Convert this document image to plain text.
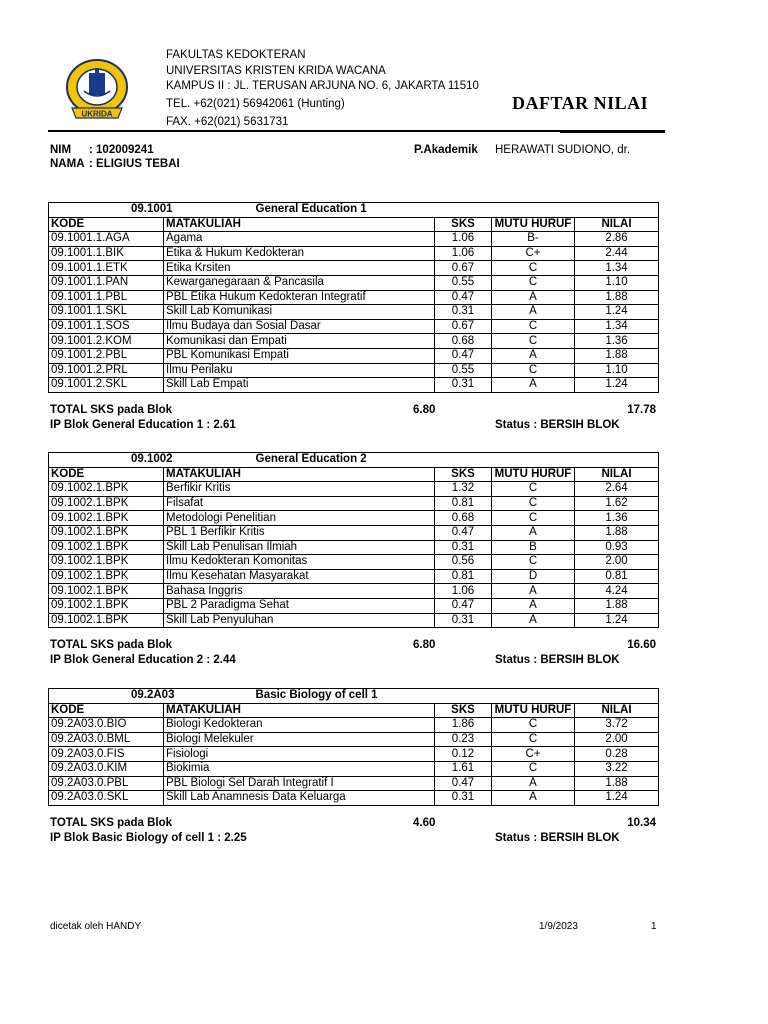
UKRIDA
FAKULTAS KEDOKTERAN
UNIVERSITAS KRISTEN KRIDA WACANA
KAMPUS II : JL. TERUSAN ARJUNA NO. 6, JAKARTA 11510
TEL. +62(021) 56942061 (Hunting)
FAX. +62(021) 5631731
DAFTAR NILAI
NIM : 102009241
NAMA : ELIGIUS TEBAI
P.Akademik HERAWATI SUDIONO, dr.
09.1001	General Education 1			
KODE	MATAKULIAH	SKS	MUTU HURUF	NILAI
09.1001.1.AGA	Agama	1.06	B-	2.86
09.1001.1.BIK	Etika & Hukum Kedokteran	1.06	C+	2.44
09.1001.1.ETK	Etika Krsiten	0.67	C	1.34
09.1001.1.PAN	Kewarganegaraan & Pancasila	0.55	C	1.10
09.1001.1.PBL	PBL Etika Hukum Kedokteran Integratif	0.47	A	1.88
09.1001.1.SKL	Skill Lab Komunikasi	0.31	A	1.24
09.1001.1.SOS	Ilmu Budaya dan Sosial Dasar	0.67	C	1.34
09.1001.2.KOM	Komunikasi dan Empati	0.68	C	1.36
09.1001.2.PBL	PBL Komunikasi Empati	0.47	A	1.88
09.1001.2.PRL	Ilmu Perilaku	0.55	C	1.10
09.1001.2.SKL	Skill Lab Empati	0.31	A	1.24
TOTAL SKS pada Blok	6.80	17.78
IP Blok General Education 1 : 2.61	Status : BERSIH BLOK
09.1002	General Education 2			
KODE	MATAKULIAH	SKS	MUTU HURUF	NILAI
09.1002.1.BPK	Berfikir Kritis	1.32	C	2.64
09.1002.1.BPK	Filsafat	0.81	C	1.62
09.1002.1.BPK	Metodologi Penelitian	0.68	C	1.36
09.1002.1.BPK	PBL 1 Berfikir Kritis	0.47	A	1.88
09.1002.1.BPK	Skill Lab Penulisan Ilmiah	0.31	B	0.93
09.1002.1.BPK	Ilmu Kedokteran Komonitas	0.56	C	2.00
09.1002.1.BPK	Ilmu Kesehatan Masyarakat	0.81	D	0.81
09.1002.1.BPK	Bahasa Inggris	1.06	A	4.24
09.1002.1.BPK	PBL 2 Paradigma Sehat	0.47	A	1.88
09.1002.1.BPK	Skill Lab Penyuluhan	0.31	A	1.24
TOTAL SKS pada Blok	6.80	16.60
IP Blok General Education 2 : 2.44	Status : BERSIH BLOK
09.2A03	Basic Biology of cell 1			
KODE	MATAKULIAH	SKS	MUTU HURUF	NILAI
09.2A03.0.BIO	Biologi Kedokteran	1.86	C	3.72
09.2A03.0.BML	Biologi Melekuler	0.23	C	2.00
09.2A03.0.FIS	Fisiologi	0.12	C+	0.28
09.2A03.0.KIM	Biokimia	1.61	C	3.22
09.2A03.0.PBL	PBL Biologi Sel Darah Integratif I	0.47	A	1.88
09.2A03.0.SKL	Skill Lab Anamnesis Data Keluarga	0.31	A	1.24
TOTAL SKS pada Blok	4.60	10.34
IP Blok Basic Biology of cell 1 : 2.25	Status : BERSIH BLOK
dicetak oleh HANDY	1/9/2023	1
